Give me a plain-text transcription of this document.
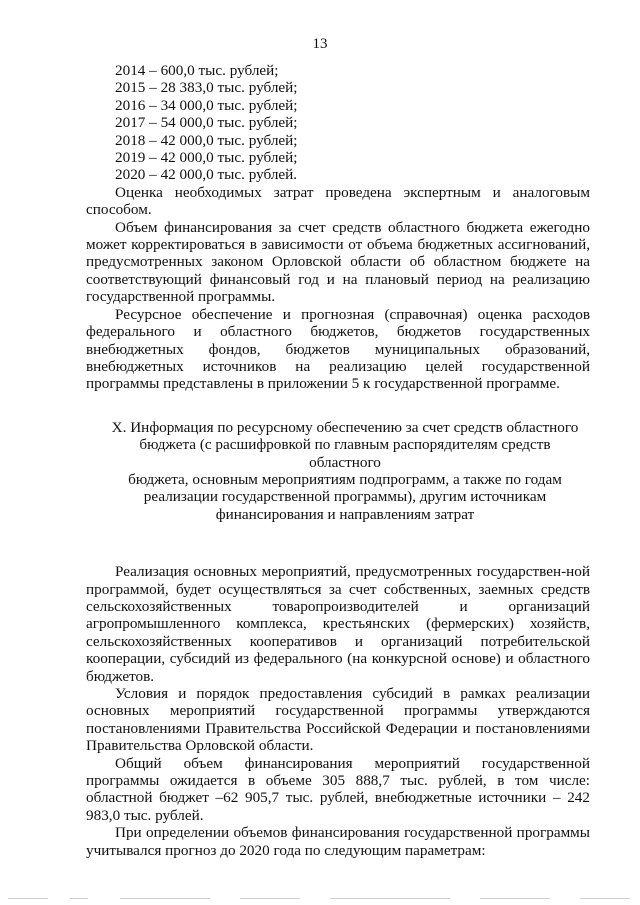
13
2014 – 600,0 тыс. рублей;
2015 – 28 383,0 тыс. рублей;
2016 – 34 000,0 тыс. рублей;
2017 – 54 000,0 тыс. рублей;
2018 – 42 000,0 тыс. рублей;
2019 – 42 000,0 тыс. рублей;
2020 – 42 000,0 тыс. рублей.

Оценка необходимых затрат проведена экспертным и аналоговым способом.

Объем финансирования за счет средств областного бюджета ежегодно может корректироваться в зависимости от объема бюджетных ассигнований, предусмотренных законом Орловской области об областном бюджете на соответствующий финансовый год и на плановый период на реализацию государственной программы.

Ресурсное обеспечение и прогнозная (справочная) оценка расходов федерального и областного бюджетов, бюджетов государственных внебюджетных фондов, бюджетов муниципальных образований, внебюджетных источников на реализацию целей государственной программы представлены в приложении 5 к государственной программе.

X. Информация по ресурсному обеспечению за счет средств областного
бюджета (с расшифровкой по главным распорядителям средств областного
бюджета, основным мероприятиям подпрограмм, а также по годам
реализации государственной программы), другим источникам
финансирования и направлениям затрат

Реализация основных мероприятий, предусмотренных государствен-ной программой, будет осуществляться за счет собственных, заемных средств сельскохозяйственных товаропроизводителей и организаций агропромышленного комплекса, крестьянских (фермерских) хозяйств, сельскохозяйственных кооперативов и организаций потребительской кооперации, субсидий из федерального (на конкурсной основе) и областного бюджетов.

Условия и порядок предоставления субсидий в рамках реализации основных мероприятий государственной программы утверждаются постановлениями Правительства Российской Федерации и постановлениями Правительства Орловской области.

Общий объем финансирования мероприятий государственной программы ожидается в объеме 305 888,7 тыс. рублей, в том числе: областной бюджет –62 905,7 тыс. рублей, внебюджетные источники – 242 983,0 тыс. рублей.

При определении объемов финансирования государственной программы учитывался прогноз до 2020 года по следующим параметрам:
